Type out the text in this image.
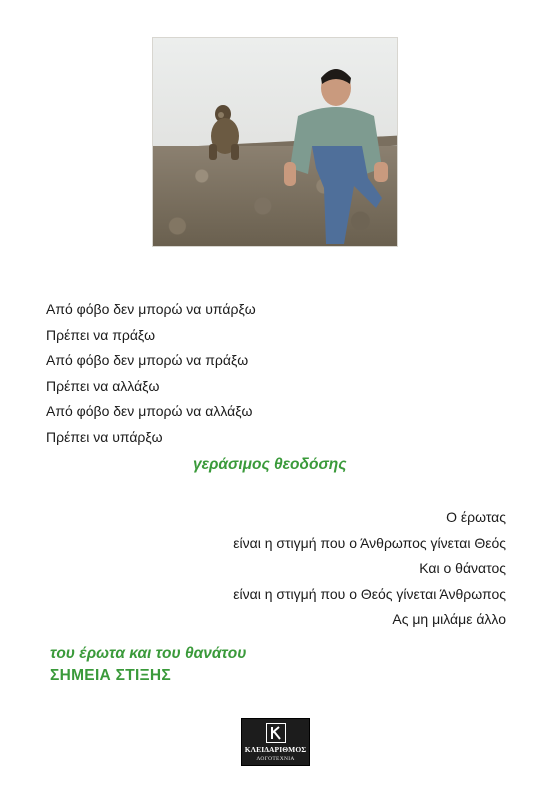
Από φόβο δεν μπορώ να υπάρξω
Πρέπει να πράξω
Από φόβο δεν μπορώ να πράξω
Πρέπει να αλλάξω
Από φόβο δεν μπορώ να αλλάξω
Πρέπει να υπάρξω
γεράσιμος θεοδόσης
Ο έρωτας
είναι η στιγμή που ο Άνθρωπος γίνεται Θεός
Και ο θάνατος
είναι η στιγμή που ο Θεός γίνεται Άνθρωπος
Ας μη μιλάμε άλλο
του έρωτα και του θανάτου
ΣΗΜΕΙΑ ΣΤΙΞΗΣ
ΚΛΕΙΔΑΡΙΘΜΟΣ
ΛΟΓΟΤΕΧΝΙΑ
